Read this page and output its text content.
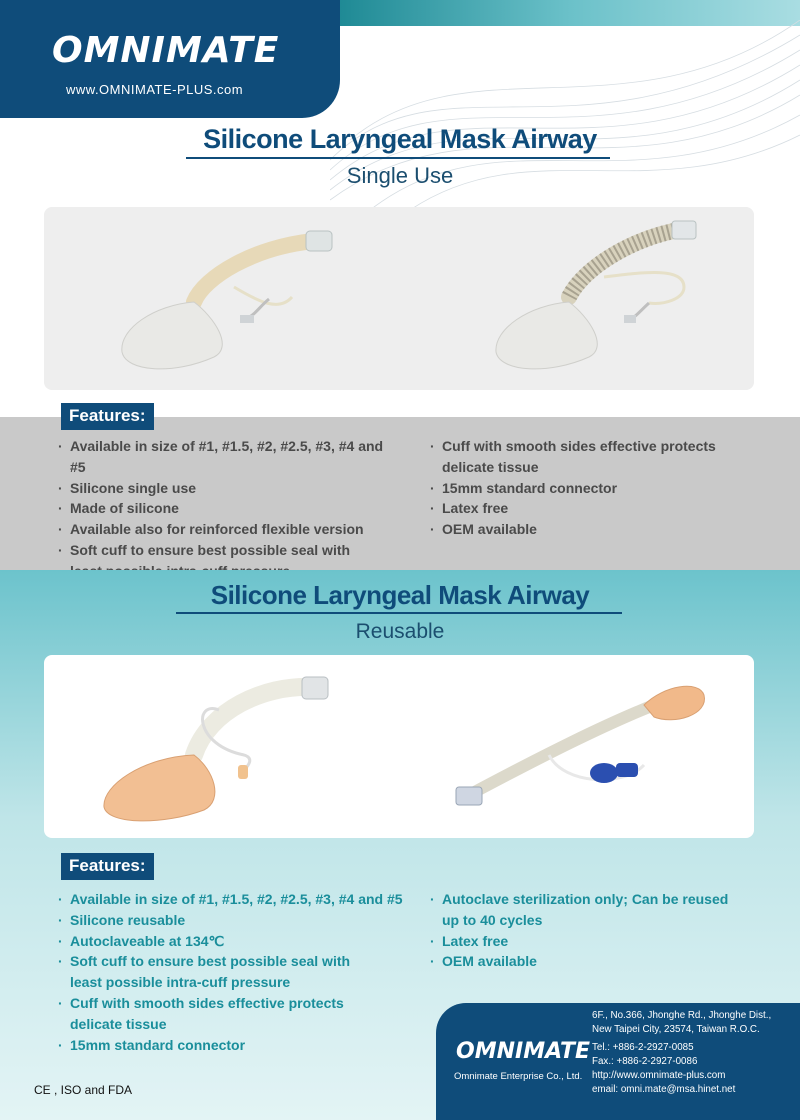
OMNIMATE
www.OMNIMATE-PLUS.com
Silicone Laryngeal Mask Airway
Single Use
Features:
· Available in size of #1, #1.5, #2, #2.5, #3, #4 and #5
· Silicone single use
· Made of silicone
· Available also for reinforced flexible version
· Soft cuff to ensure best possible seal with
· Cuff with smooth sides effective protects
delicate tissue
· 15mm standard connector
· Latex free
· OEM available
Silicone Laryngeal Mask Airway
Reusable
Features:
· Available in size of #1, #1.5, #2, #2.5, #3, #4 and #5
· Silicone reusable
· Autoclaveable at 134℃
· Soft cuff to ensure best possible seal with
least possible intra-cuff pressure
· Cuff with smooth sides effective protects
delicate tissue
· 15mm standard connector
· Autoclave sterilization only; Can be reused
up to 40 cycles
· Latex free
· OEM available
CE , ISO and FDA
OMNIMATE
Omnimate Enterprise Co., Ltd.
6F., No.366, Jhonghe Rd., Jhonghe Dist.,
New Taipei City, 23574, Taiwan R.O.C.
Tel.: +886-2-2927-0085
Fax.: +886-2-2927-0086
http://www.omnimate-plus.com
email: omni.mate@msa.hinet.net
